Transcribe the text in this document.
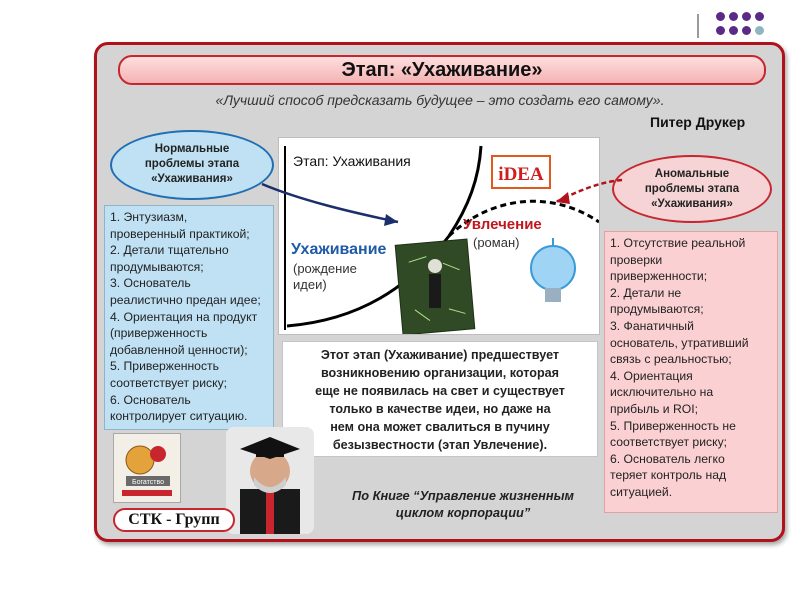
Этап: «Ухаживание»
«Лучший способ предсказать будущее – это создать его самому».
Питер Друкер
Нормальные
проблемы этапа
«Ухаживания»	Аномальные
проблемы этапа
«Ухаживания»
1. Энтузиазм,
проверенный практикой;
2. Детали тщательно
продумываются;
3. Основатель
реалистично предан идее;
4. Ориентация на продукт
(приверженность
добавленной ценности);
5. Приверженность
соответствует риску;
6. Основатель
контролирует ситуацию.
1. Отсутствие реальной
проверки
приверженности;
2. Детали не
продумываются;
3. Фанатичный
основатель, утративший
связь с реальностью;
4. Ориентация
исключительно на
прибыль и ROI;
5. Приверженность не
соответствует риску;
6. Основатель легко
теряет контроль над
ситуацией.
iDEA
Этап: Ухаживания
Увлечение
(роман)
Ухаживание
(рождение
идеи)
Этот этап (Ухаживание) предшествует
возникновению организации, которая
еще не появилась на свет и существует
только в качестве идеи, но даже на
нем она может свалиться в пучину
безызвестности (этап Увлечение).
Богатство
По Книге “Управление жизненным
циклом корпорации”
СТК - Групп
